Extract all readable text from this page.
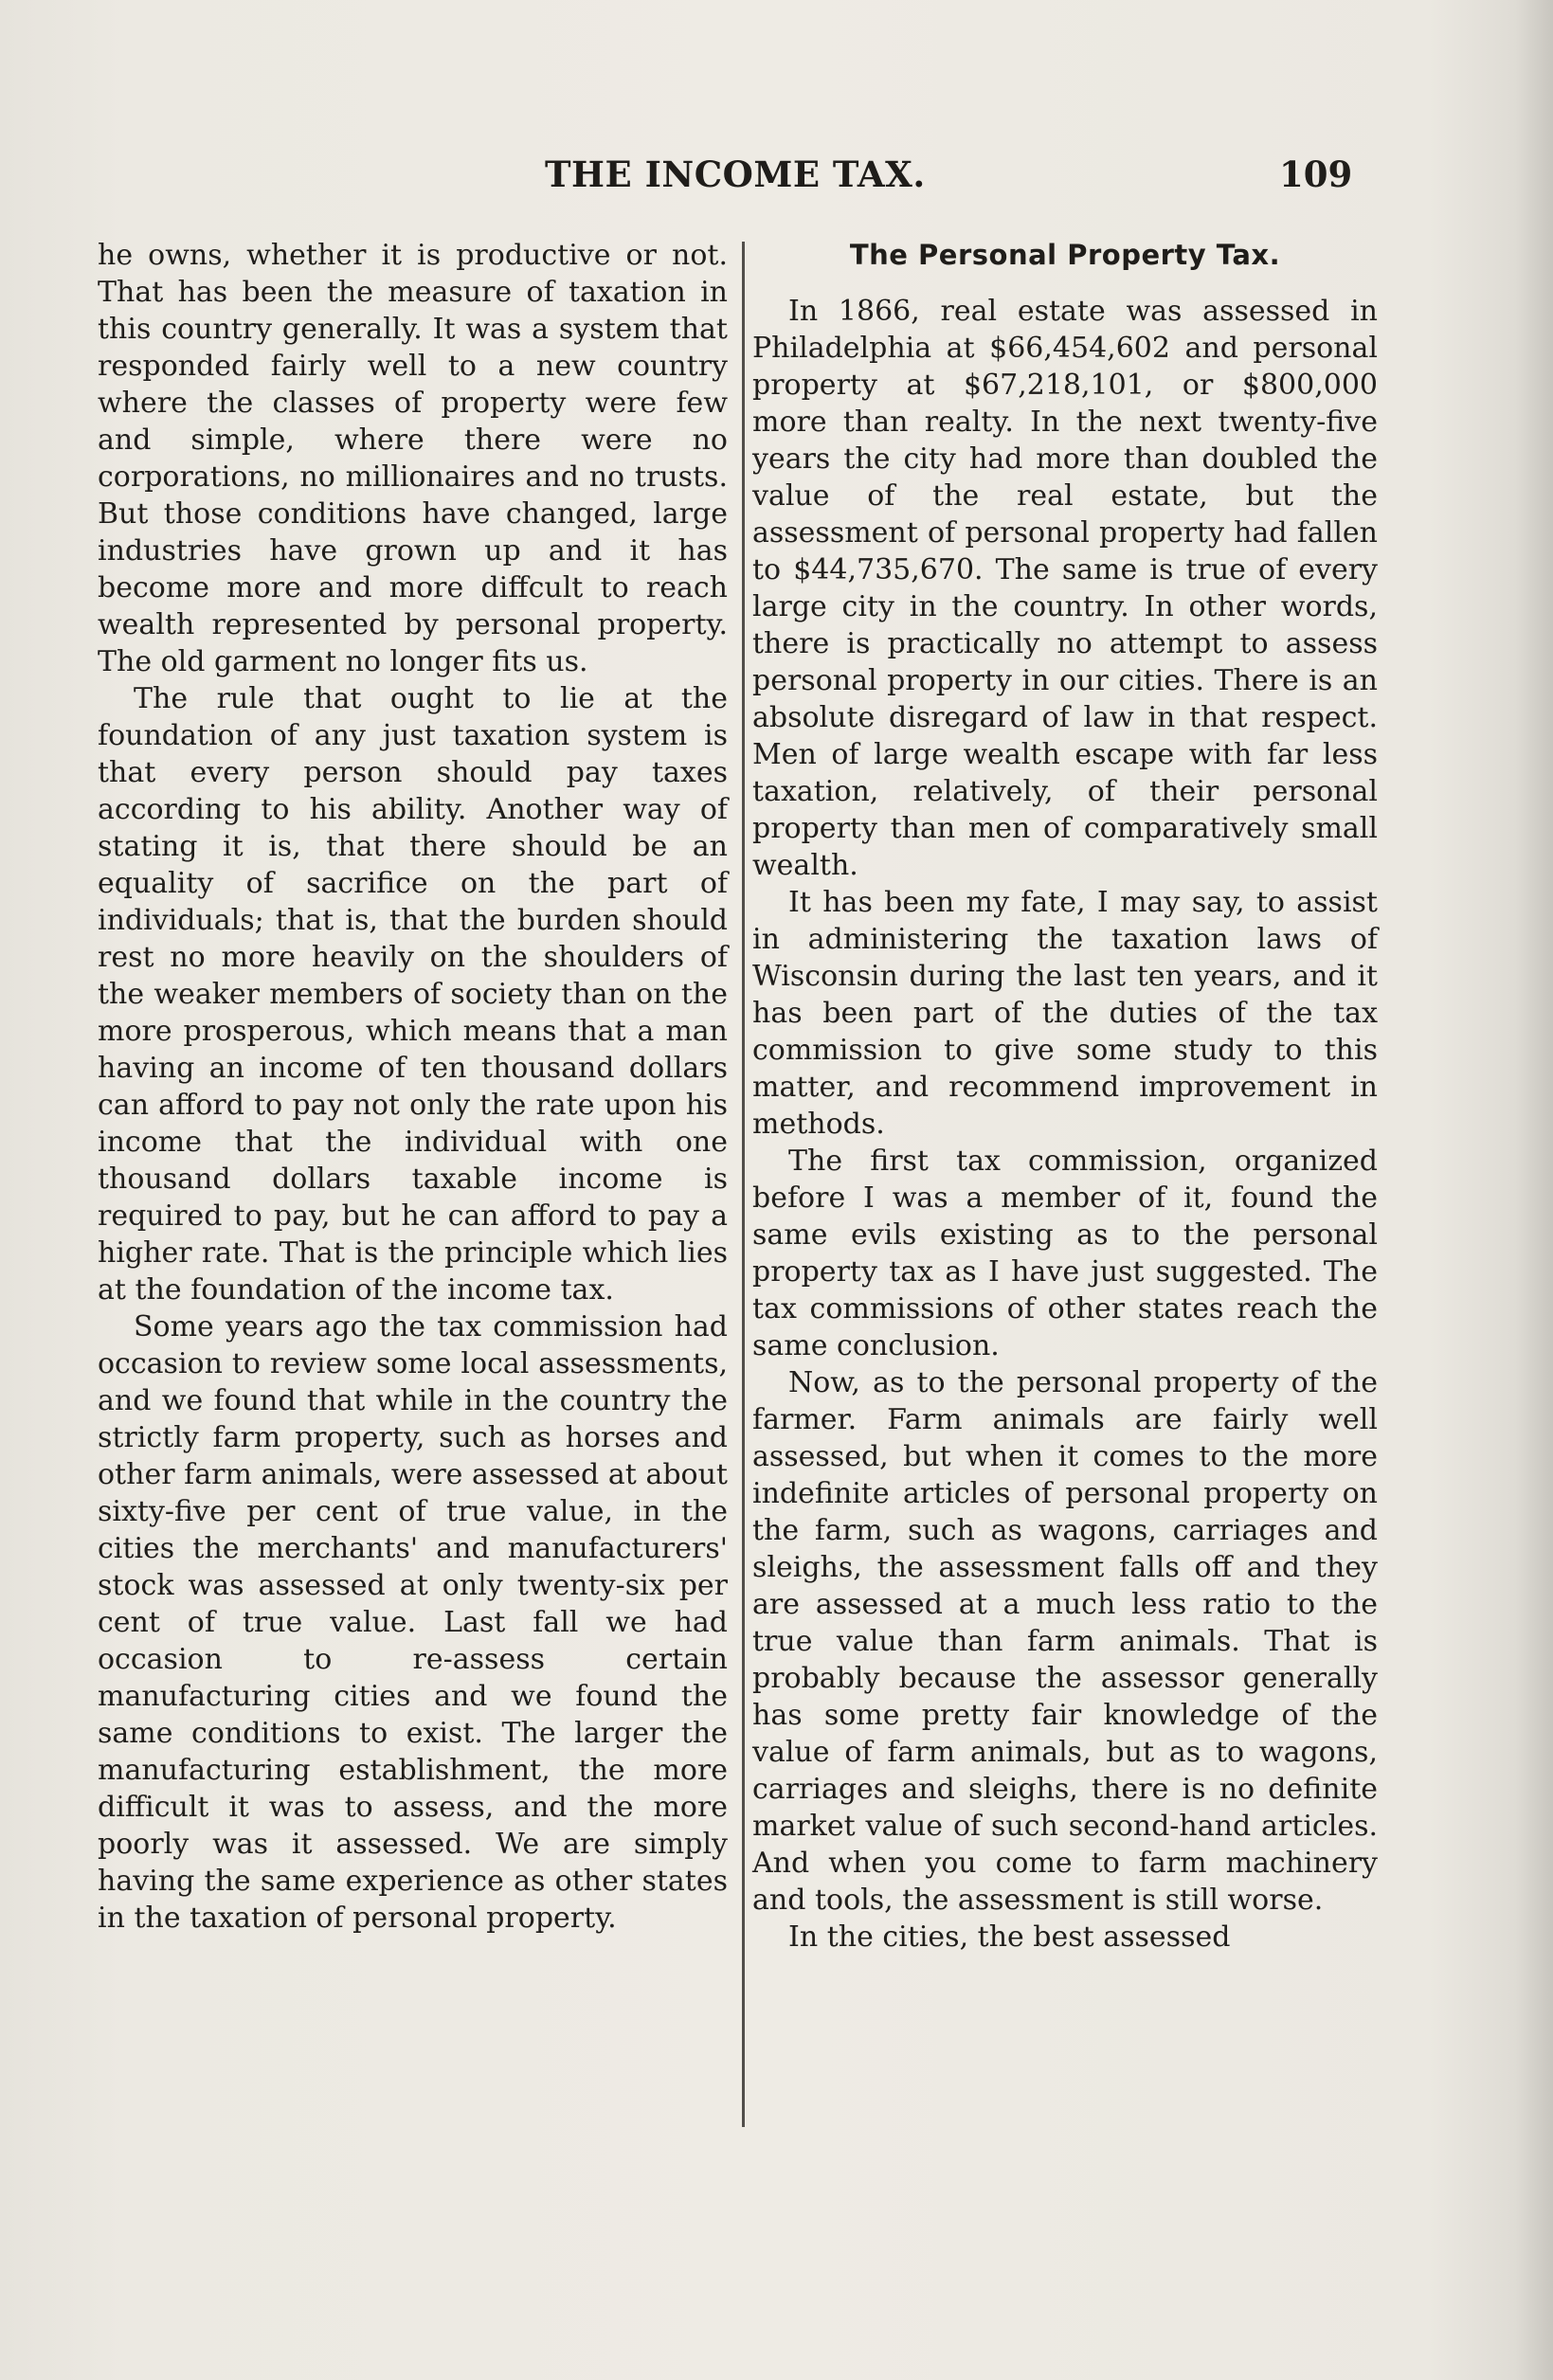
THE INCOME TAX.	109

he owns, whether it is productive or not. That has been the measure of taxation in this country generally. It was a system that responded fairly well to a new country where the classes of property were few and simple, where there were no corporations, no millionaires and no trusts. But those conditions have changed, large industries have grown up and it has become more and more diffcult to reach wealth represented by personal property. The old garment no longer fits us.

The rule that ought to lie at the foundation of any just taxation system is that every person should pay taxes according to his ability. Another way of stating it is, that there should be an equality of sacrifice on the part of individuals; that is, that the burden should rest no more heavily on the shoulders of the weaker members of society than on the more prosperous, which means that a man having an income of ten thousand dollars can afford to pay not only the rate upon his income that the individual with one thousand dollars taxable income is required to pay, but he can afford to pay a higher rate. That is the principle which lies at the foundation of the income tax.

Some years ago the tax commission had occasion to review some local assessments, and we found that while in the country the strictly farm property, such as horses and other farm animals, were assessed at about sixty-five per cent of true value, in the cities the merchants' and manufacturers' stock was assessed at only twenty-six per cent of true value. Last fall we had occasion to re-assess certain manufacturing cities and we found the same conditions to exist. The larger the manufacturing establishment, the more difficult it was to assess, and the more poorly was it assessed. We are simply having the same experience as other states in the taxation of personal property.

The Personal Property Tax.

In 1866, real estate was assessed in Philadelphia at $66,454,602 and personal property at $67,218,101, or $800,000 more than realty. In the next twenty-five years the city had more than doubled the value of the real estate, but the assessment of personal property had fallen to $44,735,670. The same is true of every large city in the country. In other words, there is practically no attempt to assess personal property in our cities. There is an absolute disregard of law in that respect. Men of large wealth escape with far less taxation, relatively, of their personal property than men of comparatively small wealth.

It has been my fate, I may say, to assist in administering the taxation laws of Wisconsin during the last ten years, and it has been part of the duties of the tax commission to give some study to this matter, and recommend improvement in methods.

The first tax commission, organized before I was a member of it, found the same evils existing as to the personal property tax as I have just suggested. The tax commissions of other states reach the same conclusion.

Now, as to the personal property of the farmer. Farm animals are fairly well assessed, but when it comes to the more indefinite articles of personal property on the farm, such as wagons, carriages and sleighs, the assessment falls off and they are assessed at a much less ratio to the true value than farm animals. That is probably because the assessor generally has some pretty fair knowledge of the value of farm animals, but as to wagons, carriages and sleighs, there is no definite market value of such second-hand articles. And when you come to farm machinery and tools, the assessment is still worse.

In the cities, the best assessed
